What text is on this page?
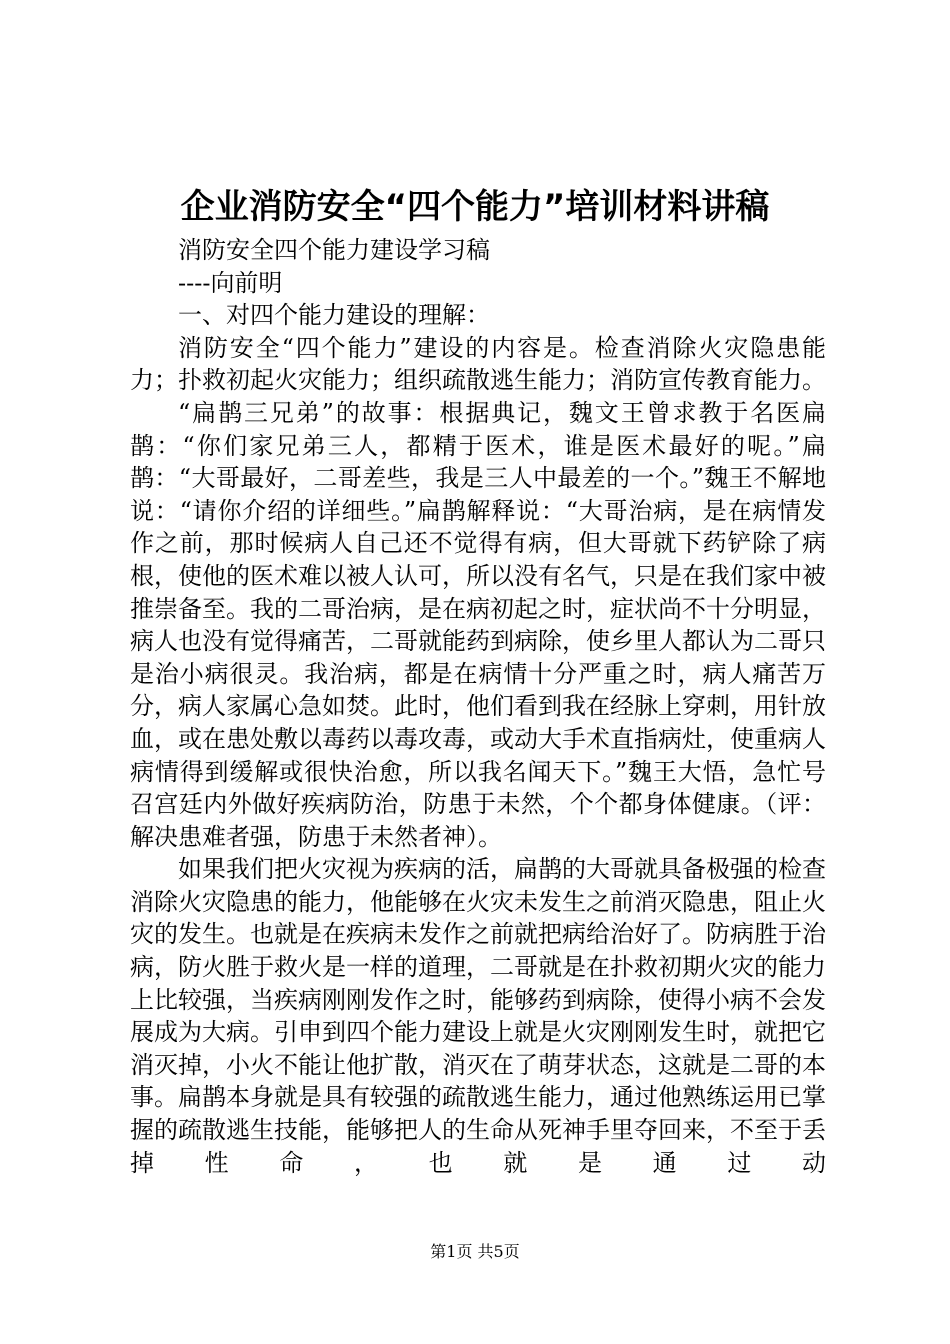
企业消防安全“四个能力”培训材料讲稿

消防安全四个能力建设学习稿

----向前明

一、对四个能力建设的理解：

消防安全“四个能力”建设的内容是。检查消除火灾隐患能力；扑救初起火灾能力；组织疏散逃生能力；消防宣传教育能力。

“扁鹊三兄弟”的故事：根据典记，魏文王曾求教于名医扁鹊：“你们家兄弟三人，都精于医术，谁是医术最好的呢。”扁鹊：“大哥最好，二哥差些，我是三人中最差的一个。”魏王不解地说：“请你介绍的详细些。”扁鹊解释说：“大哥治病，是在病情发作之前，那时候病人自己还不觉得有病，但大哥就下药铲除了病根，使他的医术难以被人认可，所以没有名气，只是在我们家中被推崇备至。我的二哥治病，是在病初起之时，症状尚不十分明显，病人也没有觉得痛苦，二哥就能药到病除，使乡里人都认为二哥只是治小病很灵。我治病，都是在病情十分严重之时，病人痛苦万分，病人家属心急如焚。此时，他们看到我在经脉上穿刺，用针放血，或在患处敷以毒药以毒攻毒，或动大手术直指病灶，使重病人病情得到缓解或很快治愈，所以我名闻天下。”魏王大悟，急忙号召宫廷内外做好疾病防治，防患于未然，个个都身体健康。（评：解决患难者强，防患于未然者神）。

如果我们把火灾视为疾病的活，扁鹊的大哥就具备极强的检查消除火灾隐患的能力，他能够在火灾未发生之前消灭隐患，阻止火灾的发生。也就是在疾病未发作之前就把病给治好了。防病胜于治病，防火胜于救火是一样的道理，二哥就是在扑救初期火灾的能力上比较强，当疾病刚刚发作之时，能够药到病除，使得小病不会发展成为大病。引申到四个能力建设上就是火灾刚刚发生时，就把它消灭掉，小火不能让他扩散，消灭在了萌芽状态，这就是二哥的本事。扁鹊本身就是具有较强的疏散逃生能力，通过他熟练运用已掌握的疏散逃生技能，能够把人的生命从死神手里夺回来，不至于丢掉性命，也就是通过动

第1页 共5页
